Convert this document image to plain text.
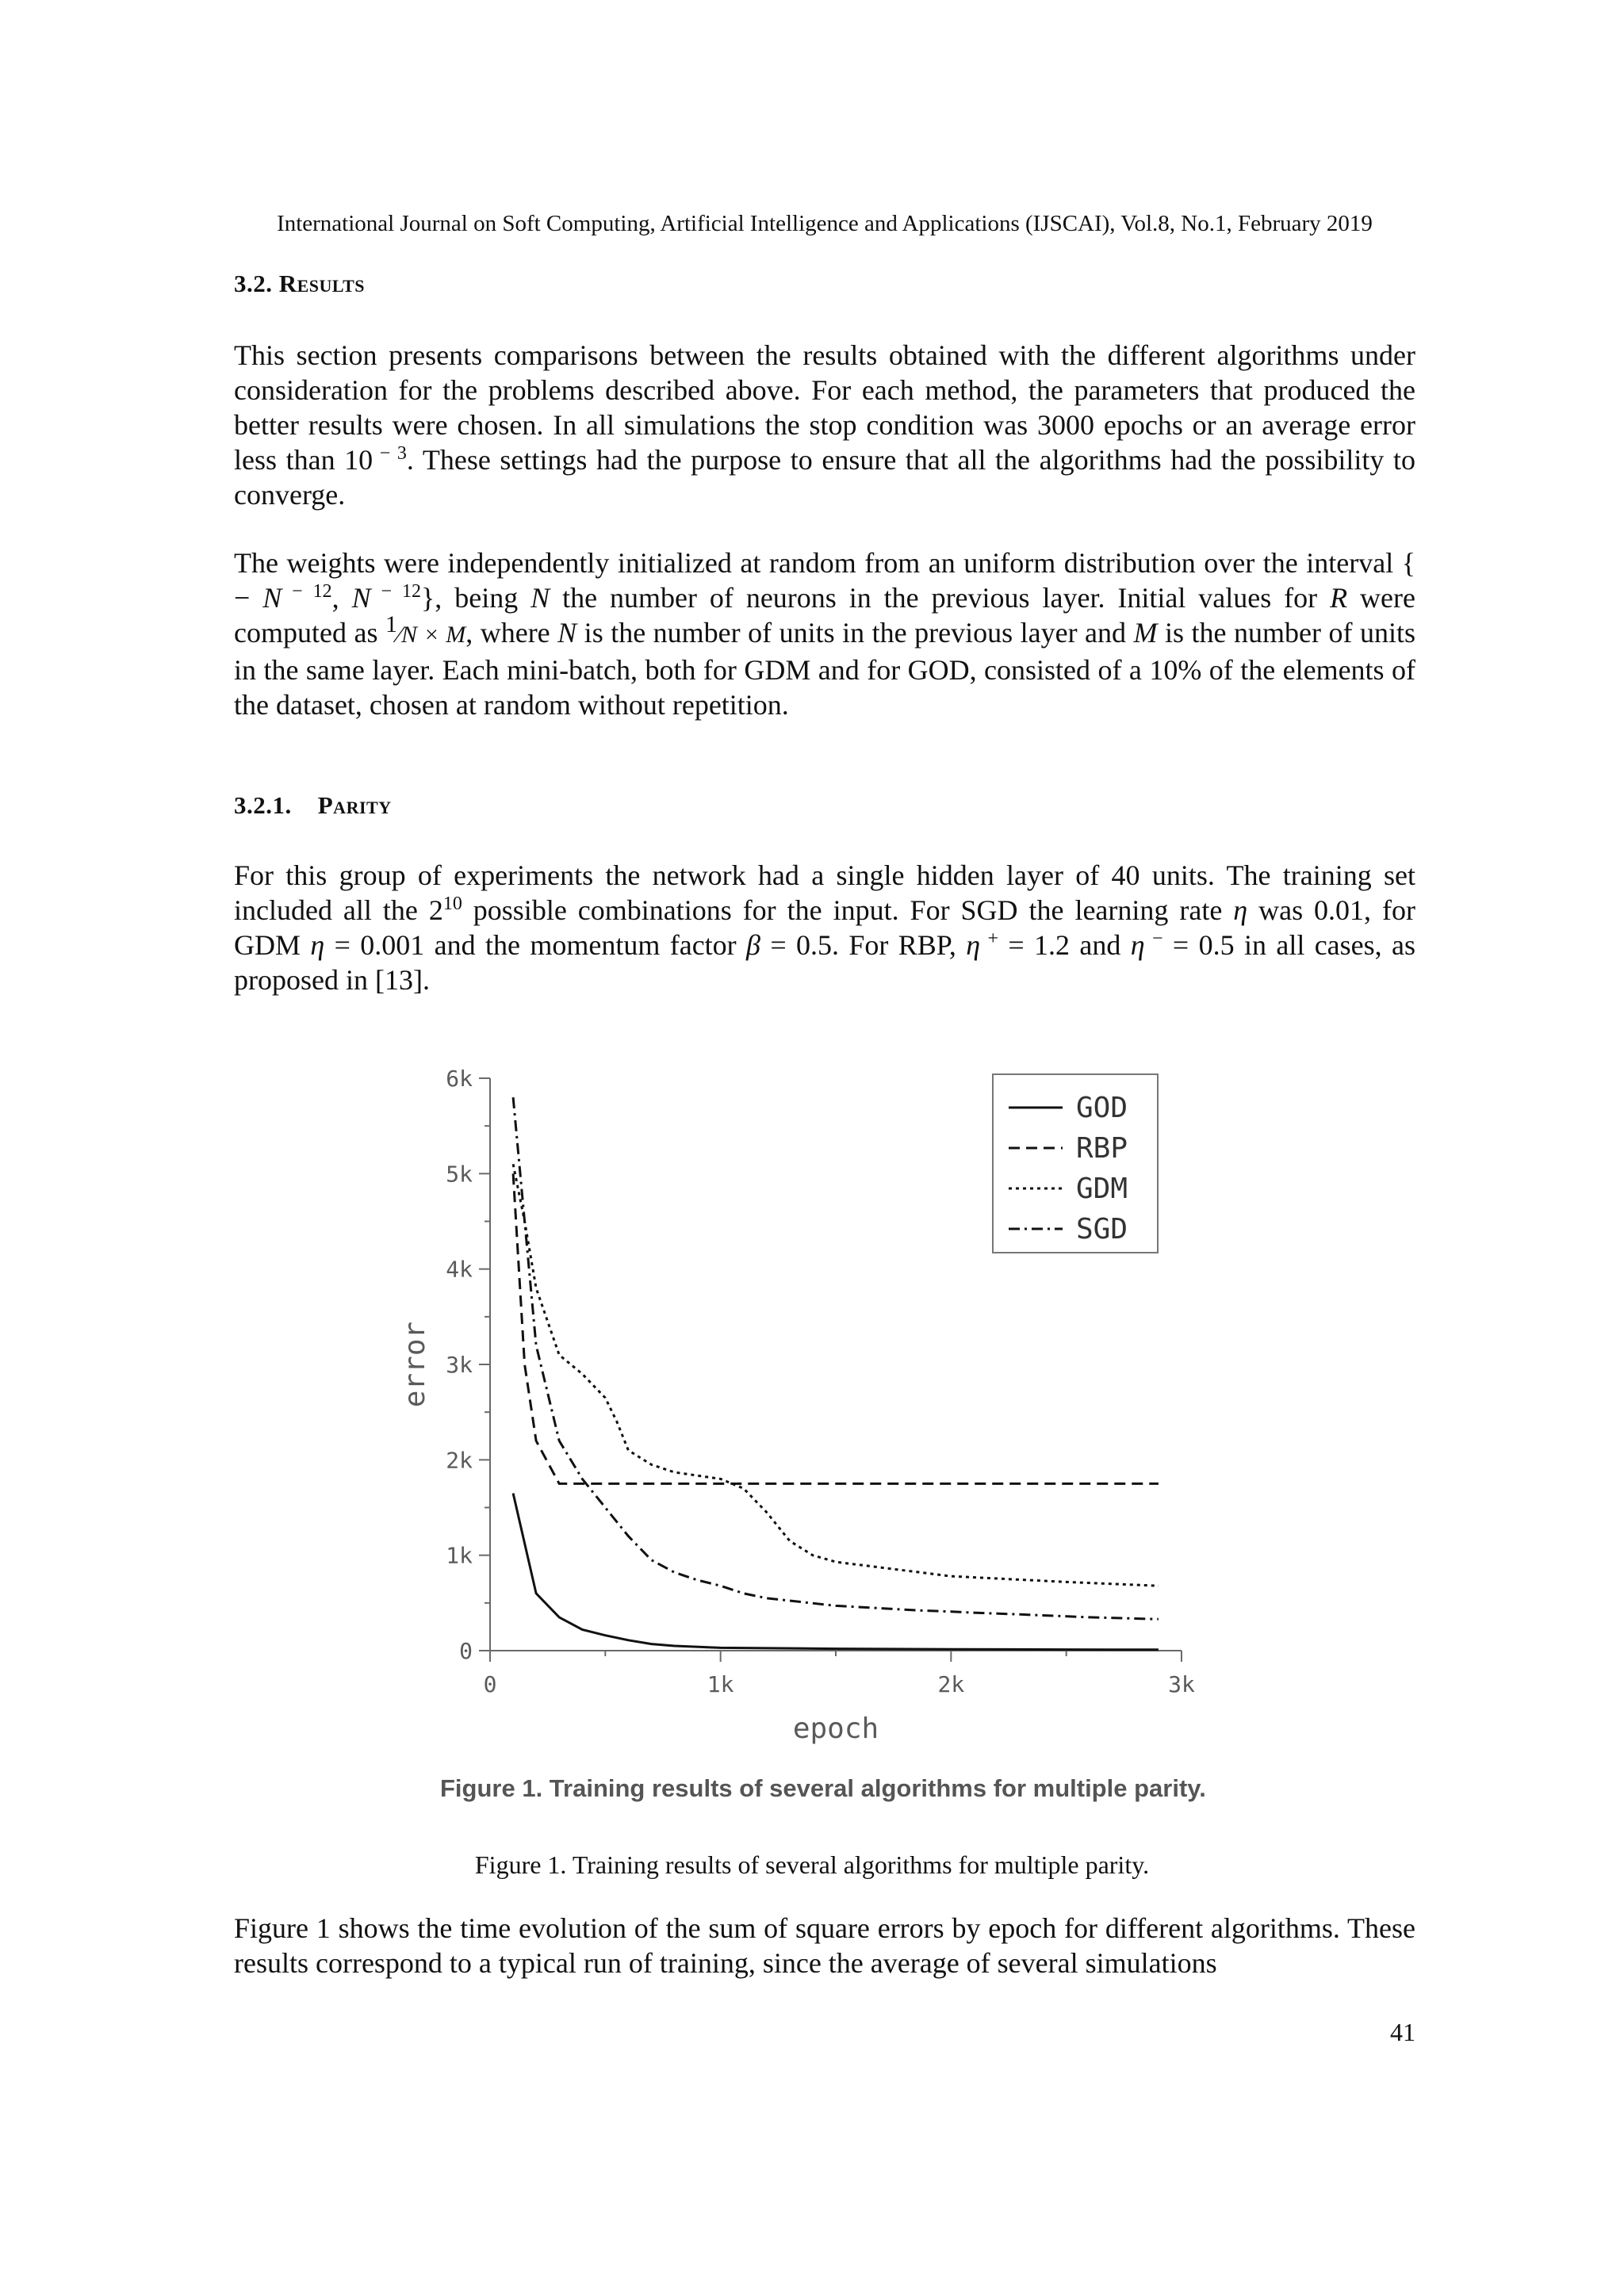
International Journal on Soft Computing, Artificial Intelligence and Applications (IJSCAI), Vol.8, No.1, February 2019
3.2. Results

This section presents comparisons between the results obtained with the different algorithms under consideration for the problems described above. For each method, the parameters that produced the better results were chosen. In all simulations the stop condition was 3000 epochs or an average error less than 10 $^{- 3}$. These settings had the purpose to ensure that all the algorithms had the possibility to converge.

The weights were independently initialized at random from an uniform distribution over the interval { − N $^{- 12}$, N $^{- 12}$}, being N the number of neurons in the previous layer. Initial values for R were computed as $^1$⁄N × M, where N is the number of units in the previous layer and M is the number of units in the same layer. Each mini-batch, both for GDM and for GOD, consisted of a 10% of the elements of the dataset, chosen at random without repetition.

3.2.1. Parity

For this group of experiments the network had a single hidden layer of 40 units. The training set included all the $2^{10}$ possible combinations for the input. For SGD the learning rate η was 0.01, for GDM η = 0.001 and the momentum factor β = 0.5. For RBP, η + = 1.2 and η − = 0.5 in all cases, as proposed in [13].

0
1k
2k
3k
4k
5k
6k
0	1k	2k	3k
epoch
error
GOD
RBP
GDM
SGD
Figure 1. Training results of several algorithms for multiple parity.
Figure 1. Training results of several algorithms for multiple parity.

Figure 1 shows the time evolution of the sum of square errors by epoch for different algorithms. These results correspond to a typical run of training, since the average of several simulations

41
